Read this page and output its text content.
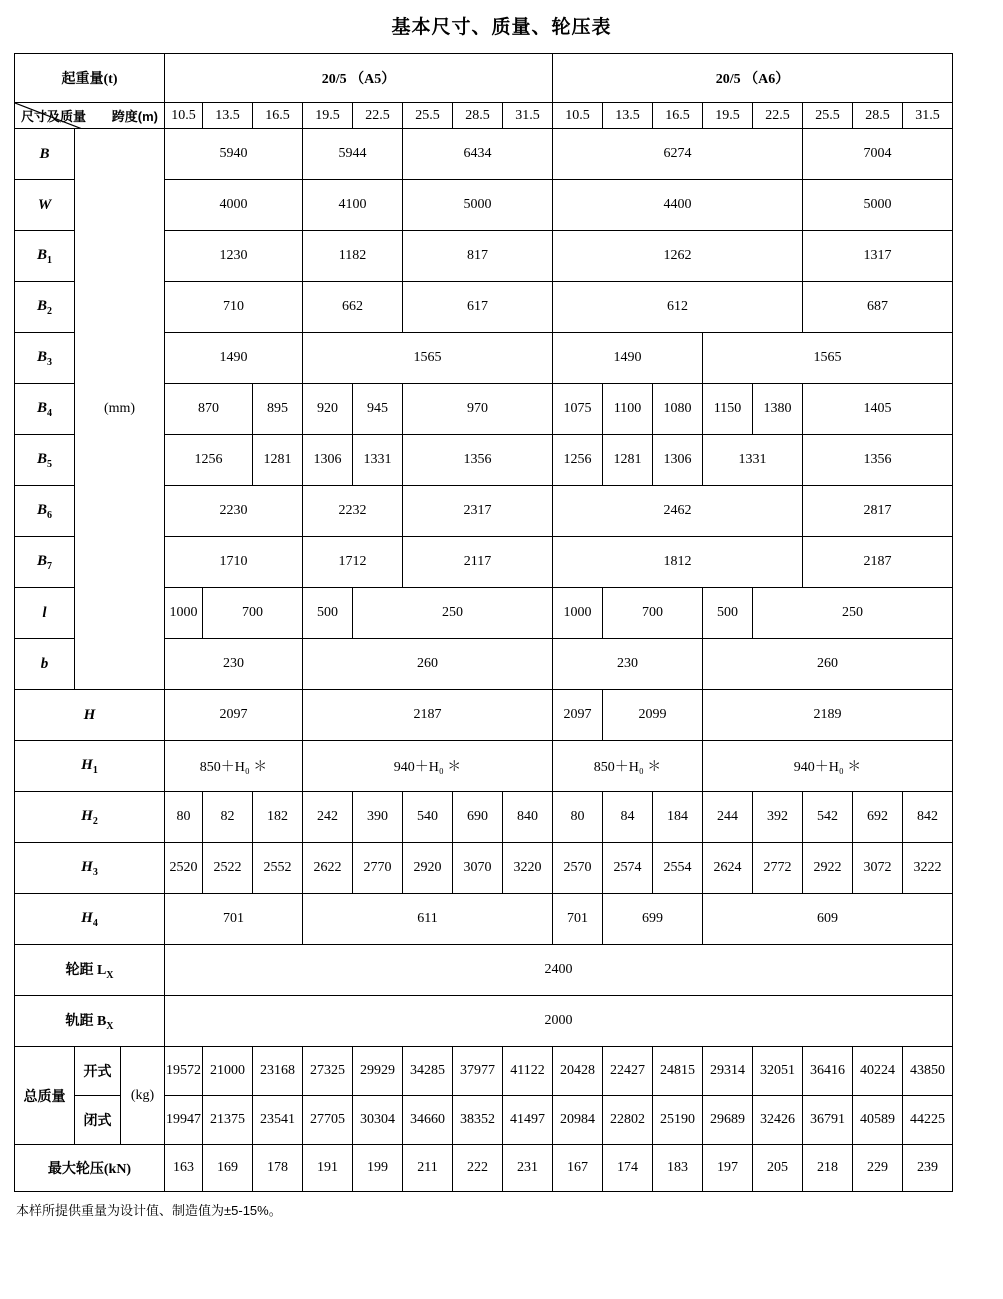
基本尺寸、质量、轮压表
起重量(t)			20/5 （A5）								20/5 （A6）							

跨度(m)
尺寸及质量			10.5	13.5	16.5	19.5	22.5	25.5	28.5	31.5	10.5	13.5	16.5	19.5	22.5	25.5	28.5	31.5
B	(mm)		5940			5944		6434			6274					7004		
W			4000			4100		5000			4400					5000		
$B_1$			1230			1182		817			1262					1317		
$B_2$			710			662		617			612					687		
$B_3$			1490			1565					1490			1565				
$B_4$			870		895	920	945	970			1075	1100	1080	1150	1380	1405		
$B_5$			1256		1281	1306	1331	1356			1256	1281	1306	1331		1356		
$B_6$			2230			2232		2317			2462					2817		
$B_7$			1710			1712		2117			1812					2187		
l			1000	700		500	250				1000	700		500	250			
b			230			260					230			260				
H			2097			2187					2097	2099		2189				
$H_1$			850＋H₀ ＊			940＋H₀ ＊					850＋H₀ ＊			940＋H₀ ＊				
$H_2$			80	82	182	242	390	540	690	840	80	84	184	244	392	542	692	842
$H_3$			2520	2522	2552	2622	2770	2920	3070	3220	2570	2574	2554	2624	2772	2922	3072	3222
$H_4$			701			611					701	699		609				
轮距 $L_X$			2400															
轨距 $B_X$			2000															
总质量	开式	(kg)	19572	21000	23168	27325	29929	34285	37977	41122	20428	22427	24815	29314	32051	36416	40224	43850
	闭式		19947	21375	23541	27705	30304	34660	38352	41497	20984	22802	25190	29689	32426	36791	40589	44225
最大轮压(kN)			163	169	178	191	199	211	222	231	167	174	183	197	205	218	229	239
本样所提供重量为设计值、制造值为±5-15%。
